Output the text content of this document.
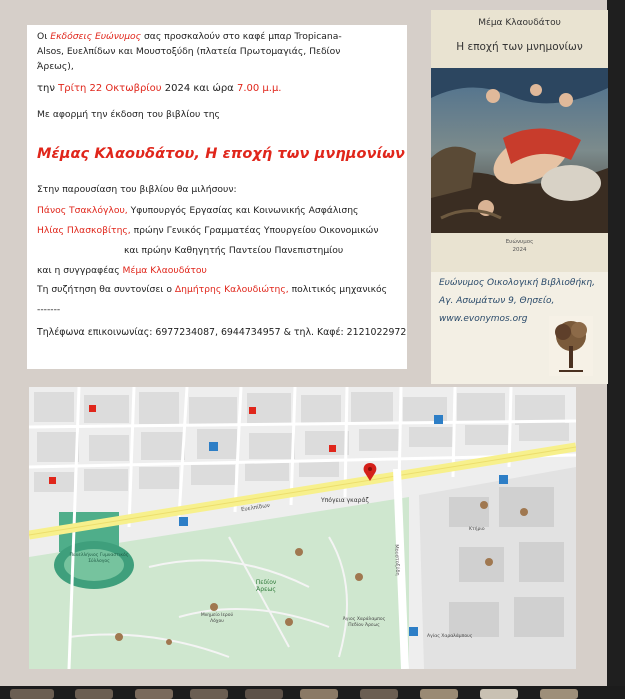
Οι Εκδόσεις Ευώνυμος σας προσκαλούν στο καφέ μπαρ Tropicana-
Alsos, Ευελπίδων και Μουστοξύδη (πλατεία Πρωτομαγιάς, Πεδίον
Άρεως),
την Τρίτη 22 Οκτωβρίου 2024 και ώρα 7.00 μ.μ.
Με αφορμή την έκδοση του βιβλίου της
Μέμας Κλαουδάτου, Η εποχή των μνημονίων
Στην παρουσίαση του βιβλίου θα μιλήσουν:
Πάνος Τσακλόγλου, Υφυπουργός Εργασίας και Κοινωνικής Ασφάλισης
Ηλίας Πλασκοβίτης, πρώην Γενικός Γραμματέας Υπουργείου Οικονομικών
και πρώην Καθηγητής Παντείου Πανεπιστημίου
και η συγγραφέας Μέμα Κλαουδάτου
Τη συζήτηση θα συντονίσει ο Δημήτρης Καλουδιώτης, πολιτικός μηχανικός
-------
Τηλέφωνα επικοινωνίας: 6977234087, 6944734957 & τηλ. Καφέ: 2121022972
Μέμα Κλαουδάτου
Η εποχή των μνημονίων
Ευώνυμος
2024
Ευώνυμος Οικολογική Βιβλιοθήκη,
Αγ. Ασωμάτων 9, Θησείο,
www.evonymos.org
Υπόγεια γκαράζ
Ευελπίδων
Μουστοξύδη
Πανελλήνιος Γυμναστικός Σύλλογος
Πεδίον Άρεως
Άγιος Χαράλαμπος Πεδίον Άρεως
Μνημείο Ιερού Λόχου
Κτήριο
Αγίας Χαραλάμπους
